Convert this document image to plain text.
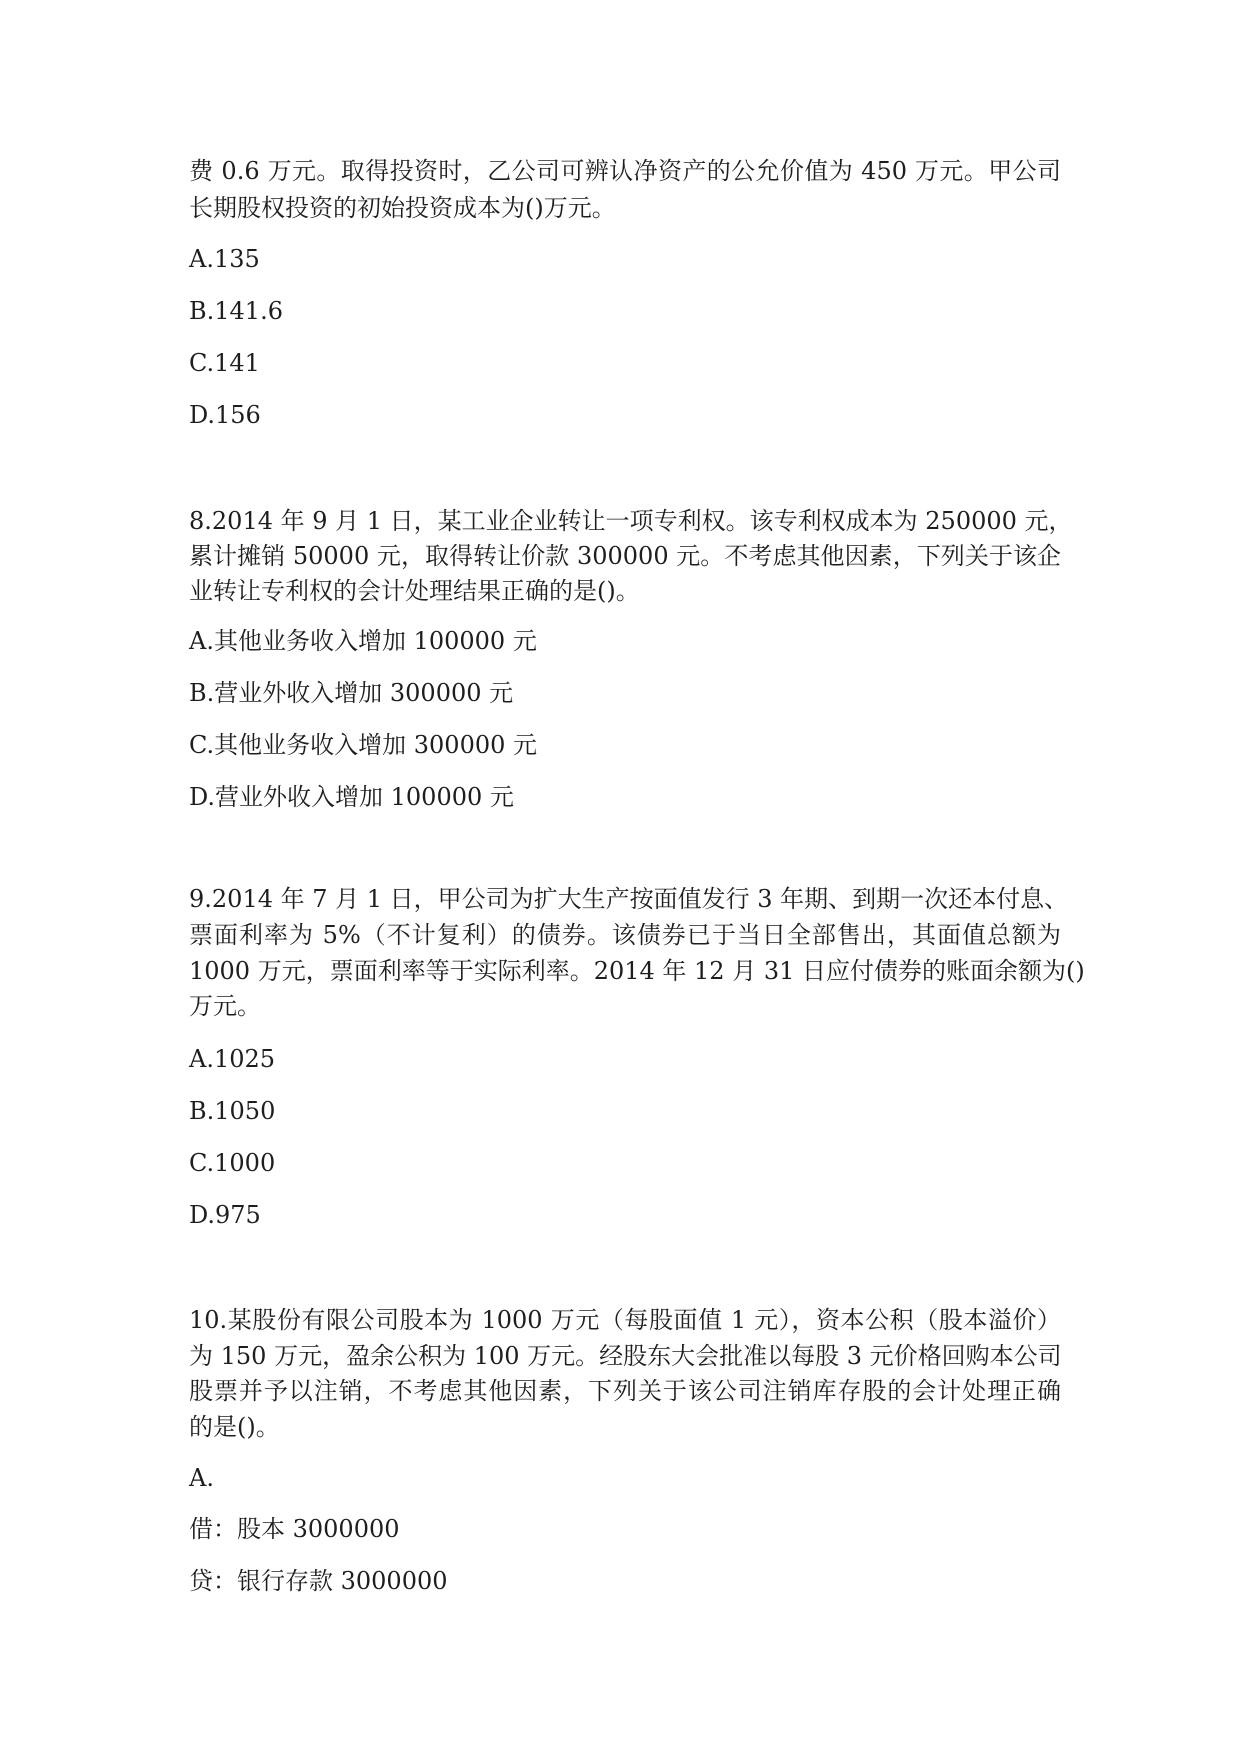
费 0.6 万元。取得投资时，乙公司可辨认净资产的公允价值为 450 万元。甲公司
长期股权投资的初始投资成本为()万元。
A.135
B.141.6
C.141
D.156
8.2014 年 9 月 1 日，某工业企业转让一项专利权。该专利权成本为 250000 元，
累计摊销 50000 元，取得转让价款 300000 元。不考虑其他因素，下列关于该企
业转让专利权的会计处理结果正确的是()。
A.其他业务收入增加 100000 元
B.营业外收入增加 300000 元
C.其他业务收入增加 300000 元
D.营业外收入增加 100000 元
9.2014 年 7 月 1 日，甲公司为扩大生产按面值发行 3 年期、到期一次还本付息、
票面利率为 5%（不计复利）的债券。该债券已于当日全部售出，其面值总额为
1000 万元，票面利率等于实际利率。2014 年 12 月 31 日应付债券的账面余额为()
万元。
A.1025
B.1050
C.1000
D.975
10.某股份有限公司股本为 1000 万元（每股面值 1 元），资本公积（股本溢价）
为 150 万元，盈余公积为 100 万元。经股东大会批准以每股 3 元价格回购本公司
股票并予以注销，不考虑其他因素，下列关于该公司注销库存股的会计处理正确
的是()。
A.
借：股本 3000000
贷：银行存款 3000000
